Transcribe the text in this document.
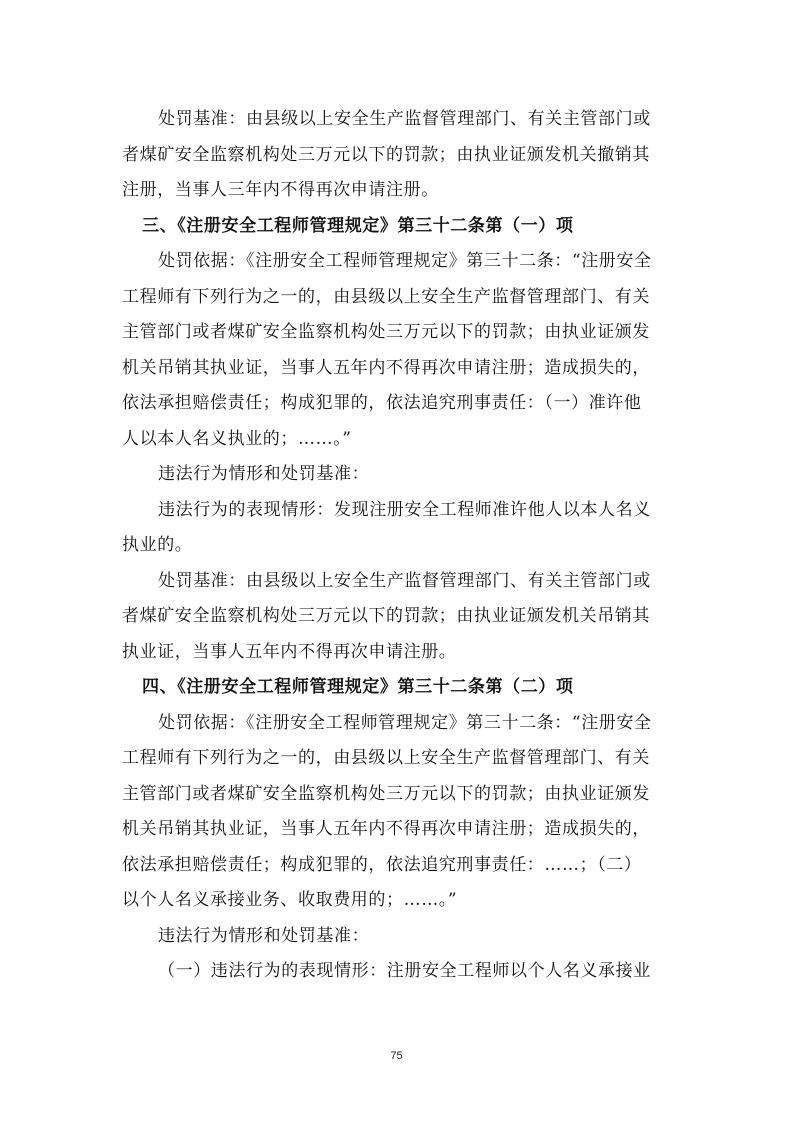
处罚基准：由县级以上安全生产监督管理部门、有关主管部门或
者煤矿安全监察机构处三万元以下的罚款；由执业证颁发机关撤销其
注册，当事人三年内不得再次申请注册。
三、《注册安全工程师管理规定》第三十二条第（一）项
处罚依据：《注册安全工程师管理规定》第三十二条：“注册安全
工程师有下列行为之一的，由县级以上安全生产监督管理部门、有关
主管部门或者煤矿安全监察机构处三万元以下的罚款；由执业证颁发
机关吊销其执业证，当事人五年内不得再次申请注册；造成损失的，
依法承担赔偿责任；构成犯罪的，依法追究刑事责任：（一）准许他
人以本人名义执业的；……。”
违法行为情形和处罚基准：
违法行为的表现情形：发现注册安全工程师准许他人以本人名义
执业的。
处罚基准：由县级以上安全生产监督管理部门、有关主管部门或
者煤矿安全监察机构处三万元以下的罚款；由执业证颁发机关吊销其
执业证，当事人五年内不得再次申请注册。
四、《注册安全工程师管理规定》第三十二条第（二）项
处罚依据：《注册安全工程师管理规定》第三十二条：“注册安全
工程师有下列行为之一的，由县级以上安全生产监督管理部门、有关
主管部门或者煤矿安全监察机构处三万元以下的罚款；由执业证颁发
机关吊销其执业证，当事人五年内不得再次申请注册；造成损失的，
依法承担赔偿责任；构成犯罪的，依法追究刑事责任：……；（二）
以个人名义承接业务、收取费用的；……。”
违法行为情形和处罚基准：
（一）违法行为的表现情形：注册安全工程师以个人名义承接业
75
